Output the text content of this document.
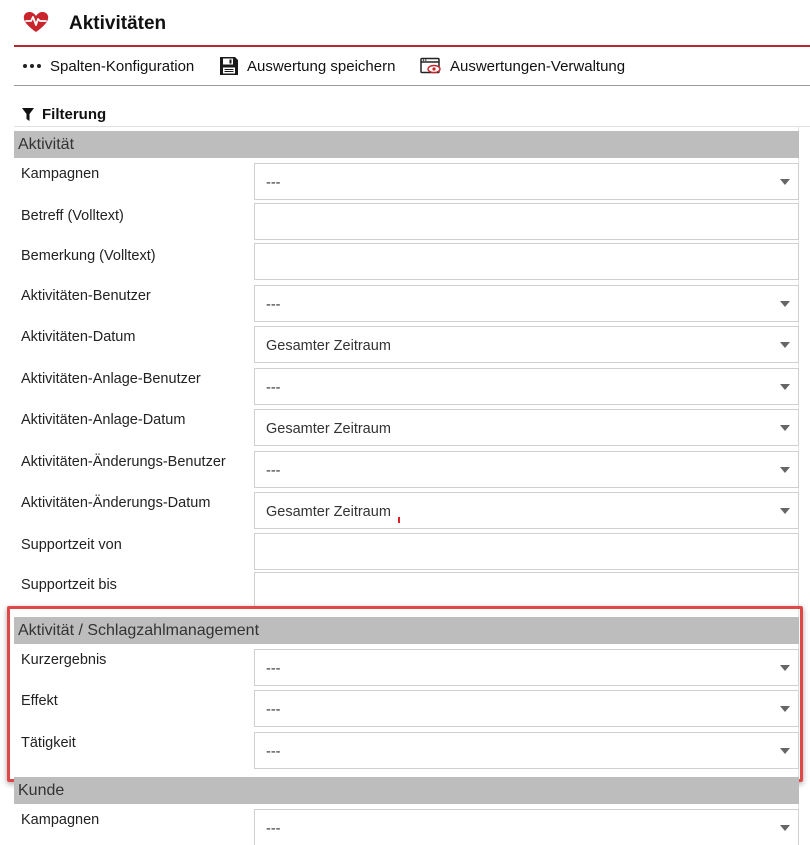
Aktivitäten
Spalten-Konfiguration	Auswertung speichern	Auswertungen-Verwaltung
Filterung
Aktivität
Kampagnen
---
Betreff (Volltext)
Bemerkung (Volltext)
Aktivitäten-Benutzer
---
Aktivitäten-Datum
Gesamter Zeitraum
Aktivitäten-Anlage-Benutzer
---
Aktivitäten-Anlage-Datum
Gesamter Zeitraum
Aktivitäten-Änderungs-Benutzer
---
Aktivitäten-Änderungs-Datum
Gesamter Zeitraum
Supportzeit von
Supportzeit bis
Aktivität / Schlagzahlmanagement
Kurzergebnis
---
Effekt
---
Tätigkeit
---
Kunde
Kampagnen
---
